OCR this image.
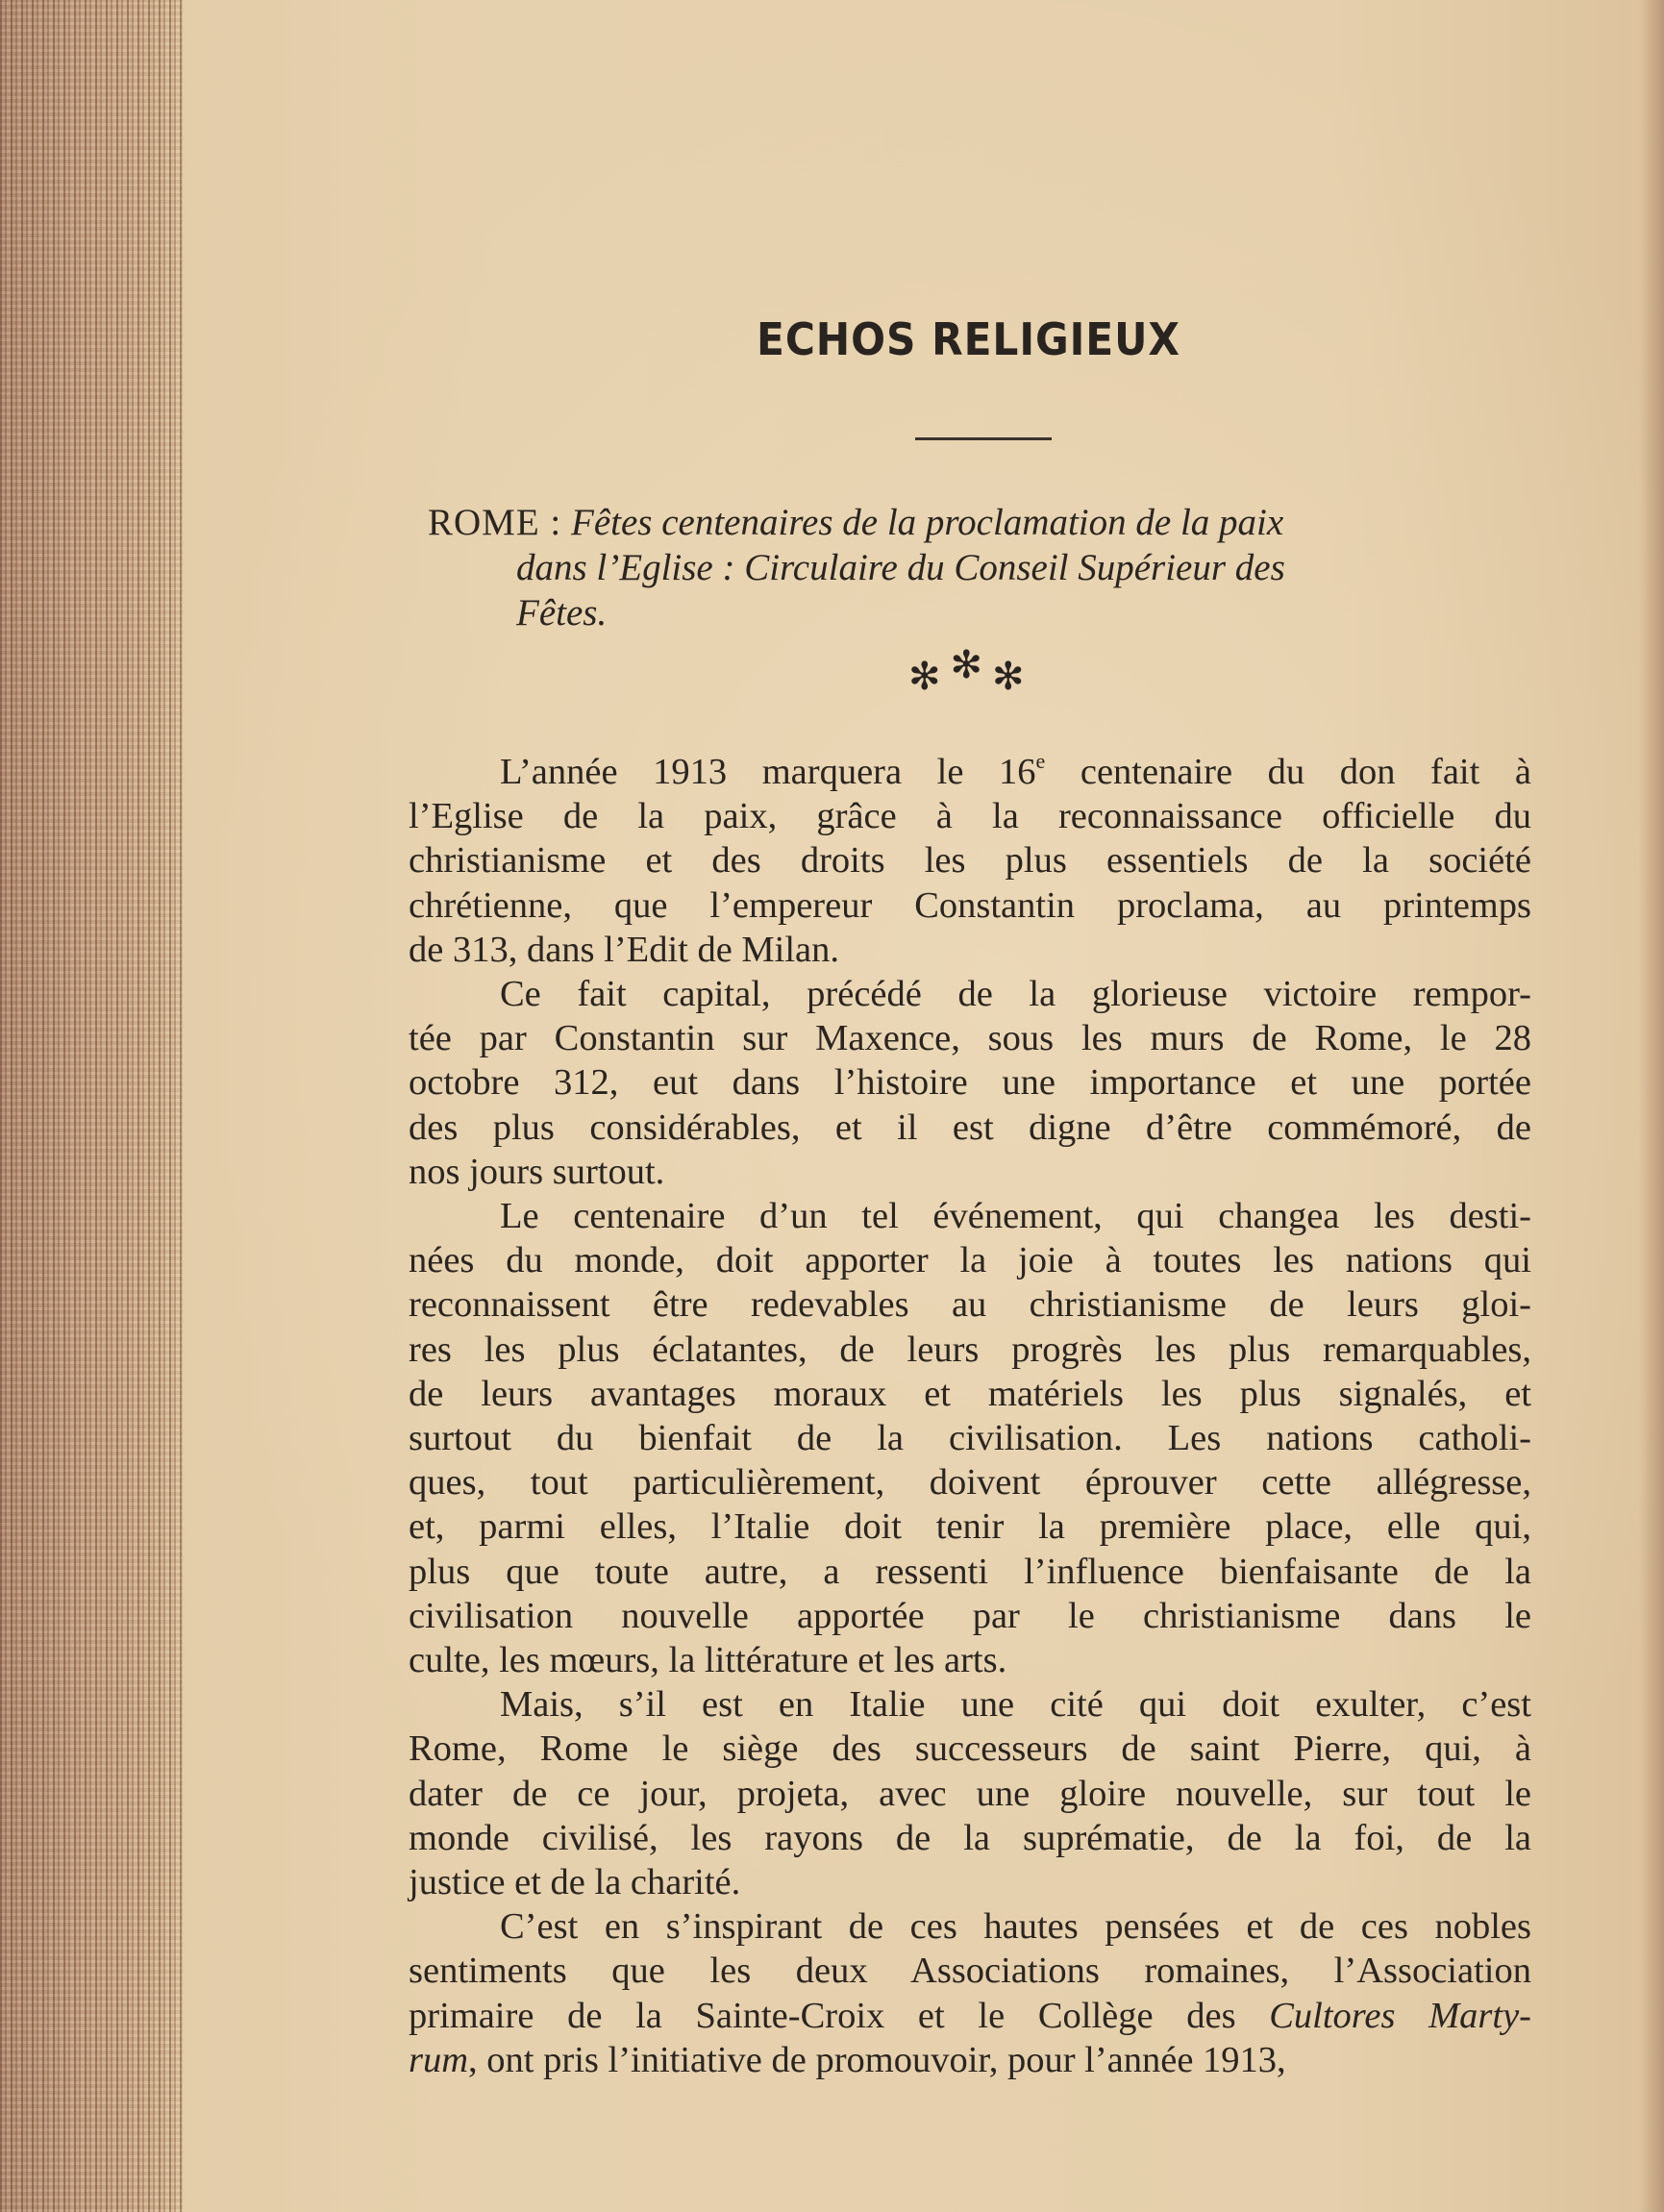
ECHOS RELIGIEUX
ROME : Fêtes centenaires de la proclamation de la paix
dans l’Eglise : Circulaire du Conseil Supérieur des
Fêtes.
✻✻✻

L’année 1913 marquera le 16e centenaire du don fait à
l’Eglise de la paix, grâce à la reconnaissance officielle du
christianisme et des droits les plus essentiels de la société
chrétienne, que l’empereur Constantin proclama, au printemps
de 313, dans l’Edit de Milan.

Ce fait capital, précédé de la glorieuse victoire rempor-
tée par Constantin sur Maxence, sous les murs de Rome, le 28
octobre 312, eut dans l’histoire une importance et une portée
des plus considérables, et il est digne d’être commémoré, de
nos jours surtout.

Le centenaire d’un tel événement, qui changea les desti-
nées du monde, doit apporter la joie à toutes les nations qui
reconnaissent être redevables au christianisme de leurs gloi-
res les plus éclatantes, de leurs progrès les plus remarquables,
de leurs avantages moraux et matériels les plus signalés, et
surtout du bienfait de la civilisation. Les nations catholi-
ques, tout particulièrement, doivent éprouver cette allégresse,
et, parmi elles, l’Italie doit tenir la première place, elle qui,
plus que toute autre, a ressenti l’influence bienfaisante de la
civilisation nouvelle apportée par le christianisme dans le
culte, les mœurs, la littérature et les arts.

Mais, s’il est en Italie une cité qui doit exulter, c’est
Rome, Rome le siège des successeurs de saint Pierre, qui, à
dater de ce jour, projeta, avec une gloire nouvelle, sur tout le
monde civilisé, les rayons de la suprématie, de la foi, de la
justice et de la charité.

C’est en s’inspirant de ces hautes pensées et de ces nobles
sentiments que les deux Associations romaines, l’Association
primaire de la Sainte-Croix et le Collège des Cultores Marty-
rum, ont pris l’initiative de promouvoir, pour l’année 1913,
